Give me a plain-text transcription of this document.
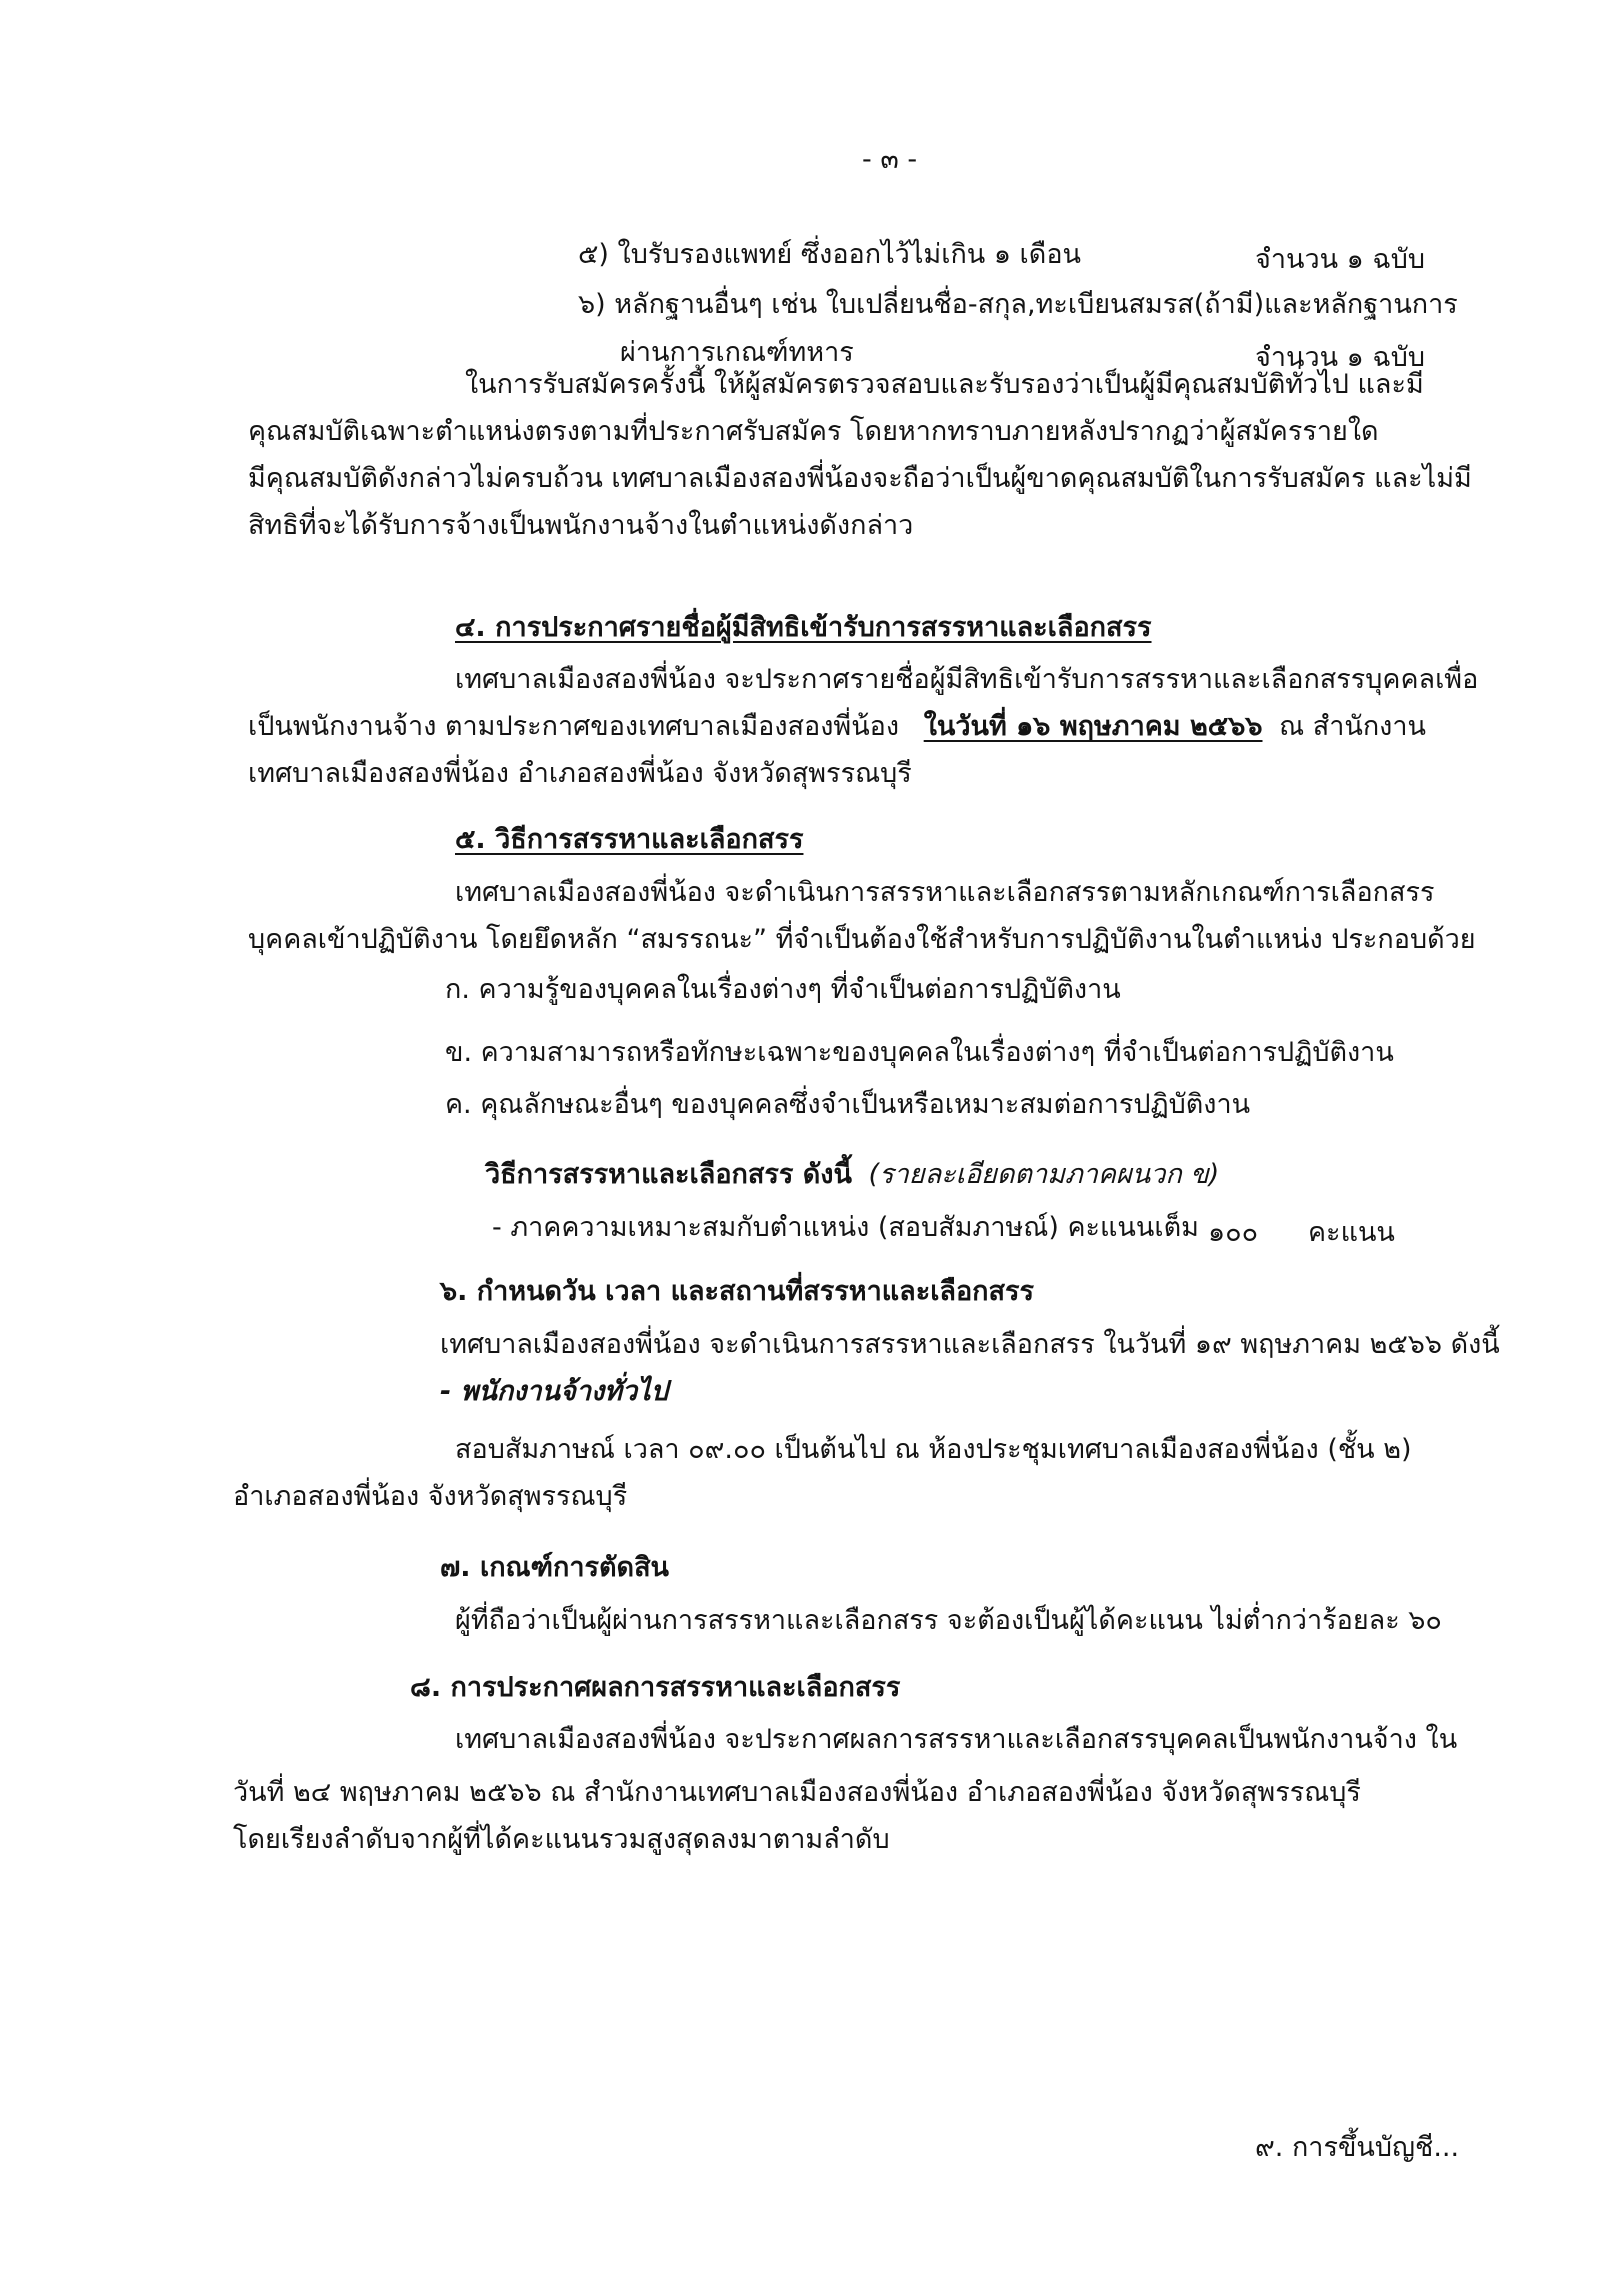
- ๓ -
๕) ใบรับรองแพทย์ ซึ่งออกไว้ไม่เกิน ๑ เดือน	จำนวน ๑ ฉบับ
๖) หลักฐานอื่นๆ เช่น ใบเปลี่ยนชื่อ-สกุล,ทะเบียนสมรส(ถ้ามี)และหลักฐานการ
ผ่านการเกณฑ์ทหาร	จำนวน ๑ ฉบับ
ในการรับสมัครครั้งนี้ ให้ผู้สมัครตรวจสอบและรับรองว่าเป็นผู้มีคุณสมบัติทั่วไป และมี
คุณสมบัติเฉพาะตำแหน่งตรงตามที่ประกาศรับสมัคร โดยหากทราบภายหลังปรากฏว่าผู้สมัครรายใด
มีคุณสมบัติดังกล่าวไม่ครบถ้วน เทศบาลเมืองสองพี่น้องจะถือว่าเป็นผู้ขาดคุณสมบัติในการรับสมัคร และไม่มี
สิทธิที่จะได้รับการจ้างเป็นพนักงานจ้างในตำแหน่งดังกล่าว
๔. การประกาศรายชื่อผู้มีสิทธิเข้ารับการสรรหาและเลือกสรร
เทศบาลเมืองสองพี่น้อง จะประกาศรายชื่อผู้มีสิทธิเข้ารับการสรรหาและเลือกสรรบุคคลเพื่อ
เป็นพนักงานจ้าง ตามประกาศของเทศบาลเมืองสองพี่น้อง ในวันที่ ๑๖ พฤษภาคม ๒๕๖๖ ณ สำนักงาน
เทศบาลเมืองสองพี่น้อง อำเภอสองพี่น้อง จังหวัดสุพรรณบุรี
๕. วิธีการสรรหาและเลือกสรร
เทศบาลเมืองสองพี่น้อง จะดำเนินการสรรหาและเลือกสรรตามหลักเกณฑ์การเลือกสรร
บุคคลเข้าปฏิบัติงาน โดยยึดหลัก “สมรรถนะ” ที่จำเป็นต้องใช้สำหรับการปฏิบัติงานในตำแหน่ง ประกอบด้วย
ก. ความรู้ของบุคคลในเรื่องต่างๆ ที่จำเป็นต่อการปฏิบัติงาน
ข. ความสามารถหรือทักษะเฉพาะของบุคคลในเรื่องต่างๆ ที่จำเป็นต่อการปฏิบัติงาน
ค. คุณลักษณะอื่นๆ ของบุคคลซึ่งจำเป็นหรือเหมาะสมต่อการปฏิบัติงาน
วิธีการสรรหาและเลือกสรร ดังนี้ (รายละเอียดตามภาคผนวก ข)
- ภาคความเหมาะสมกับตำแหน่ง (สอบสัมภาษณ์) คะแนนเต็ม ๑๐๐ คะแนน
๖. กำหนดวัน เวลา และสถานที่สรรหาและเลือกสรร
เทศบาลเมืองสองพี่น้อง จะดำเนินการสรรหาและเลือกสรร ในวันที่ ๑๙ พฤษภาคม ๒๕๖๖ ดังนี้
- พนักงานจ้างทั่วไป
สอบสัมภาษณ์ เวลา ๐๙.๐๐ เป็นต้นไป ณ ห้องประชุมเทศบาลเมืองสองพี่น้อง (ชั้น ๒)
อำเภอสองพี่น้อง จังหวัดสุพรรณบุรี
๗. เกณฑ์การตัดสิน
ผู้ที่ถือว่าเป็นผู้ผ่านการสรรหาและเลือกสรร จะต้องเป็นผู้ได้คะแนน ไม่ต่ำกว่าร้อยละ ๖๐
๘. การประกาศผลการสรรหาและเลือกสรร
เทศบาลเมืองสองพี่น้อง จะประกาศผลการสรรหาและเลือกสรรบุคคลเป็นพนักงานจ้าง ใน
วันที่ ๒๔ พฤษภาคม ๒๕๖๖ ณ สำนักงานเทศบาลเมืองสองพี่น้อง อำเภอสองพี่น้อง จังหวัดสุพรรณบุรี
โดยเรียงลำดับจากผู้ที่ได้คะแนนรวมสูงสุดลงมาตามลำดับ
๙. การขึ้นบัญชี...
